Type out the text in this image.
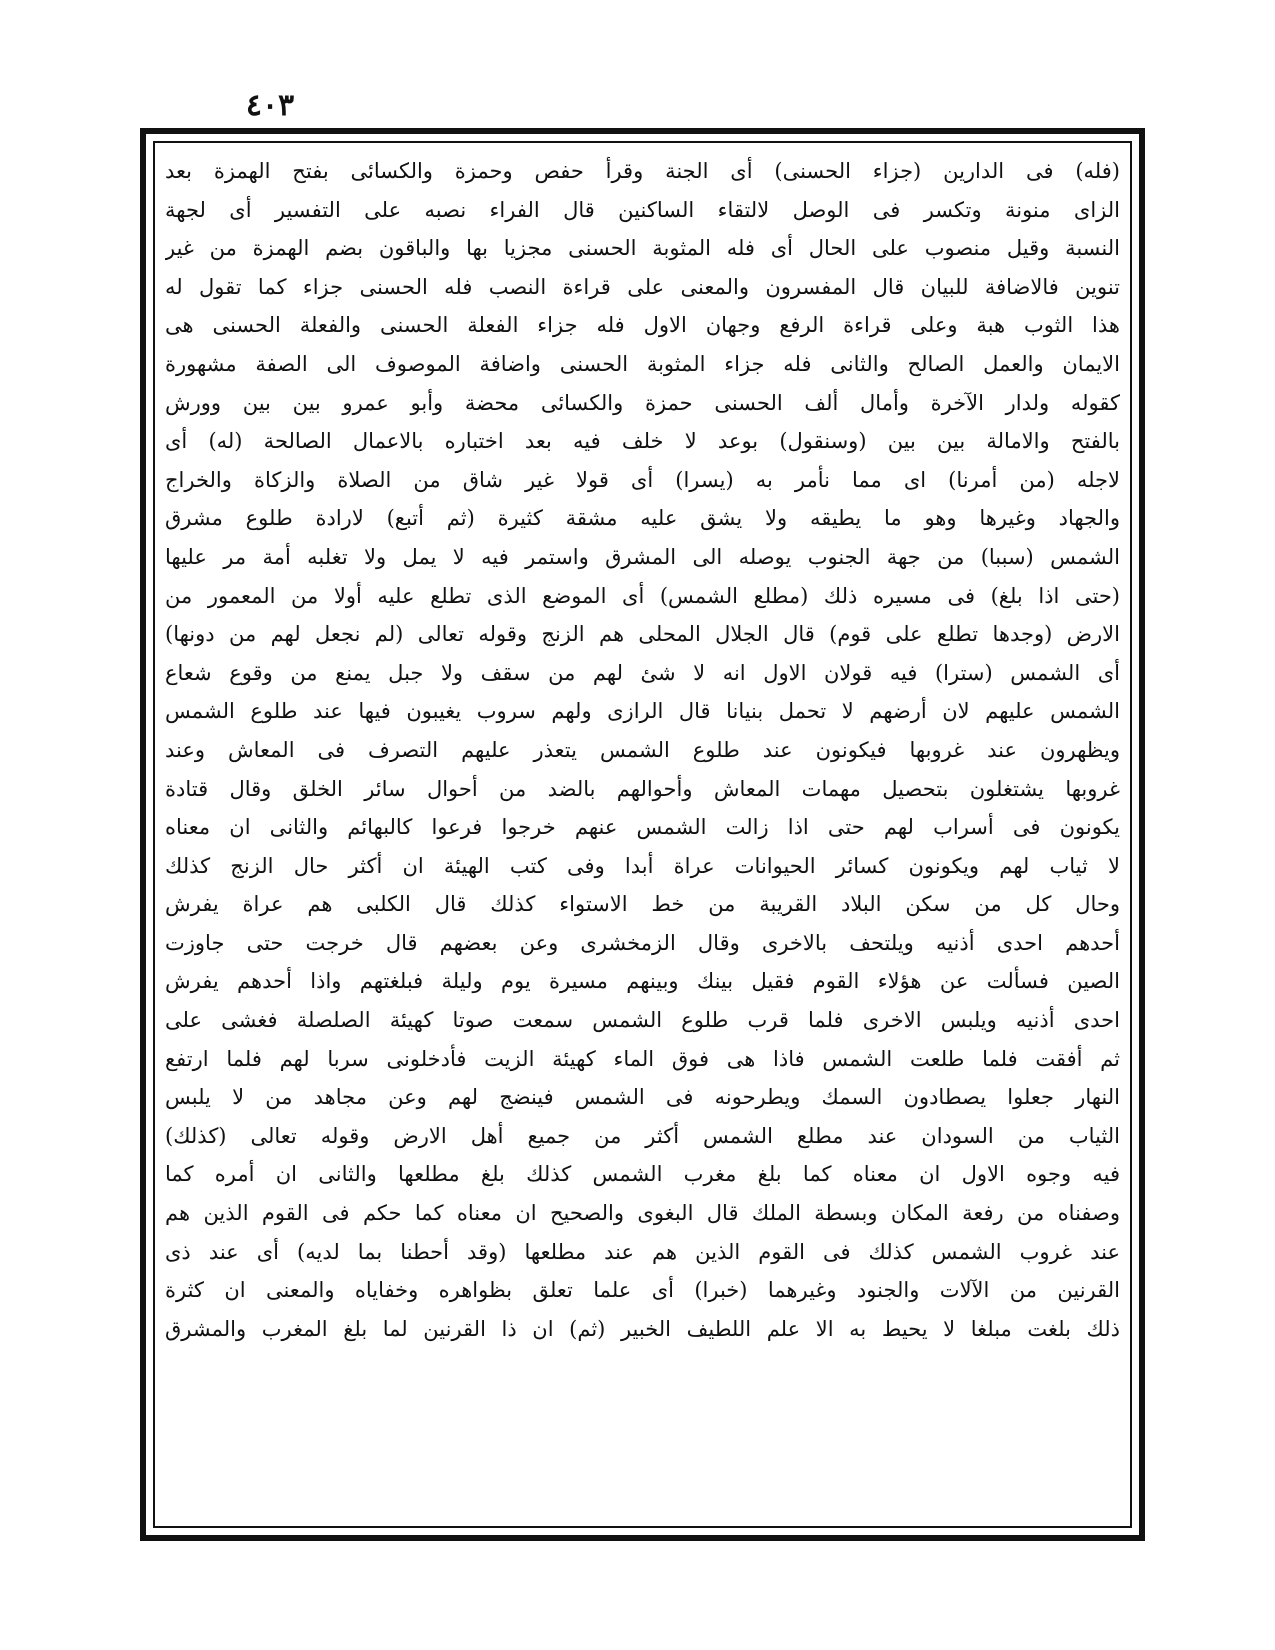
٤٠٣
(فله) فى الدارين (جزاء الحسنى) أى الجنة وقرأ حفص وحمزة والكسائى بفتح الهمزة بعد
الزاى منونة وتكسر فى الوصل لالتقاء الساكنين قال الفراء نصبه على التفسير أى لجهة
النسبة وقيل منصوب على الحال أى فله المثوبة الحسنى مجزيا بها والباقون بضم الهمزة من غير
تنوين فالاضافة للبيان قال المفسرون والمعنى على قراءة النصب فله الحسنى جزاء كما تقول له
هذا الثوب هبة وعلى قراءة الرفع وجهان الاول فله جزاء الفعلة الحسنى والفعلة الحسنى هى
الايمان والعمل الصالح والثانى فله جزاء المثوبة الحسنى واضافة الموصوف الى الصفة مشهورة
كقوله ولدار الآخرة وأمال ألف الحسنى حمزة والكسائى محضة وأبو عمرو بين بين وورش
بالفتح والامالة بين بين (وسنقول) بوعد لا خلف فيه بعد اختباره بالاعمال الصالحة (له) أى
لاجله (من أمرنا) اى مما نأمر به (يسرا) أى قولا غير شاق من الصلاة والزكاة والخراج
والجهاد وغيرها وهو ما يطيقه ولا يشق عليه مشقة كثيرة (ثم أتبع) لارادة طلوع مشرق
الشمس (سببا) من جهة الجنوب يوصله الى المشرق واستمر فيه لا يمل ولا تغلبه أمة مر عليها
(حتى اذا بلغ) فى مسيره ذلك (مطلع الشمس) أى الموضع الذى تطلع عليه أولا من المعمور من
الارض (وجدها تطلع على قوم) قال الجلال المحلى هم الزنج وقوله تعالى (لم نجعل لهم من دونها)
أى الشمس (سترا) فيه قولان الاول انه لا شئ لهم من سقف ولا جبل يمنع من وقوع شعاع
الشمس عليهم لان أرضهم لا تحمل بنيانا قال الرازى ولهم سروب يغيبون فيها عند طلوع الشمس
ويظهرون عند غروبها فيكونون عند طلوع الشمس يتعذر عليهم التصرف فى المعاش وعند
غروبها يشتغلون بتحصيل مهمات المعاش وأحوالهم بالضد من أحوال سائر الخلق وقال قتادة
يكونون فى أسراب لهم حتى اذا زالت الشمس عنهم خرجوا فرعوا كالبهائم والثانى ان معناه
لا ثياب لهم ويكونون كسائر الحيوانات عراة أبدا وفى كتب الهيئة ان أكثر حال الزنج كذلك
وحال كل من سكن البلاد القريبة من خط الاستواء كذلك قال الكلبى هم عراة يفرش
أحدهم احدى أذنيه ويلتحف بالاخرى وقال الزمخشرى وعن بعضهم قال خرجت حتى جاوزت
الصين فسألت عن هؤلاء القوم فقيل بينك وبينهم مسيرة يوم وليلة فبلغتهم واذا أحدهم يفرش
احدى أذنيه ويلبس الاخرى فلما قرب طلوع الشمس سمعت صوتا كهيئة الصلصلة فغشى على
ثم أفقت فلما طلعت الشمس فاذا هى فوق الماء كهيئة الزيت فأدخلونى سربا لهم فلما ارتفع
النهار جعلوا يصطادون السمك ويطرحونه فى الشمس فينضج لهم وعن مجاهد من لا يلبس
الثياب من السودان عند مطلع الشمس أكثر من جميع أهل الارض وقوله تعالى (كذلك)
فيه وجوه الاول ان معناه كما بلغ مغرب الشمس كذلك بلغ مطلعها والثانى ان أمره كما
وصفناه من رفعة المكان وبسطة الملك قال البغوى والصحيح ان معناه كما حكم فى القوم الذين هم
عند غروب الشمس كذلك فى القوم الذين هم عند مطلعها (وقد أحطنا بما لديه) أى عند ذى
القرنين من الآلات والجنود وغيرهما (خبرا) أى علما تعلق بظواهره وخفاياه والمعنى ان كثرة
ذلك بلغت مبلغا لا يحيط به الا علم اللطيف الخبير (ثم) ان ذا القرنين لما بلغ المغرب والمشرق
